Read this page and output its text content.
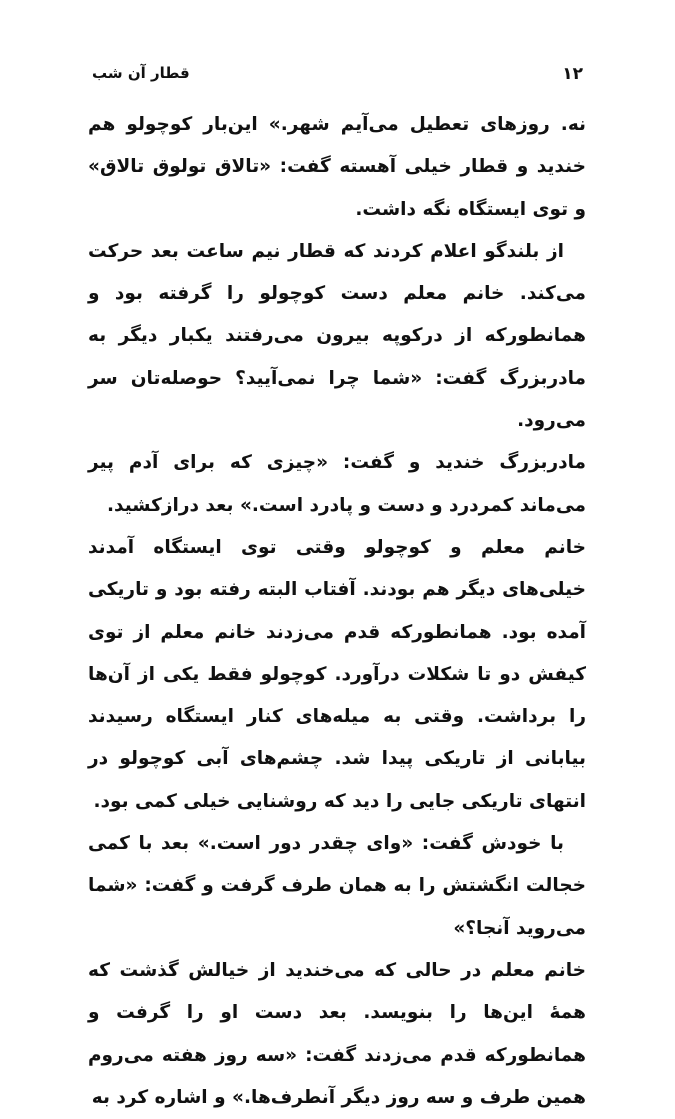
۱۲
قطار آن شب

نه. روزهای تعطیل می‌آیم شهر.» این‌بار کوچولو هم خندید و قطار خیلی آهسته گفت: «تالاق تولوق تالاق» و توی ایستگاه نگه داشت.

از بلندگو اعلام کردند که قطار نیم ساعت بعد حرکت می‌کند. خانم معلم دست کوچولو را گرفته بود و همانطورکه از درکوپه بیرون می‌رفتند یکبار دیگر به مادربزرگ گفت: «شما چرا نمی‌آیید؟ حوصله‌تان سر می‌رود.

مادربزرگ خندید و گفت: «چیزی که برای آدم پیر می‌ماند کمردرد و دست و پادرد است.» بعد درازکشید.

خانم معلم و کوچولو وقتی توی ایستگاه آمدند خیلی‌های دیگر هم بودند. آفتاب البته رفته بود و تاریکی آمده بود. همانطورکه قدم می‌زدند خانم معلم از توی کیفش دو تا شکلات درآورد. کوچولو فقط یکی از آن‌ها را برداشت. وقتی به میله‌های کنار ایستگاه رسیدند بیابانی از تاریکی پیدا شد. چشم‌های آبی کوچولو در انتهای تاریکی جایی را دید که روشنایی خیلی کمی بود.

با خودش گفت: «وای چقدر دور است.» بعد با کمی خجالت انگشتش را به همان طرف گرفت و گفت: «شما می‌روید آنجا؟»

خانم معلم در حالی که می‌خندید از خیالش گذشت که همهٔ این‌ها را بنویسد. بعد دست او را گرفت و همانطورکه قدم می‌زدند گفت: «سه روز هفته می‌روم همین طرف و سه روز دیگر آنطرف‌ها.» و اشاره کرد به
